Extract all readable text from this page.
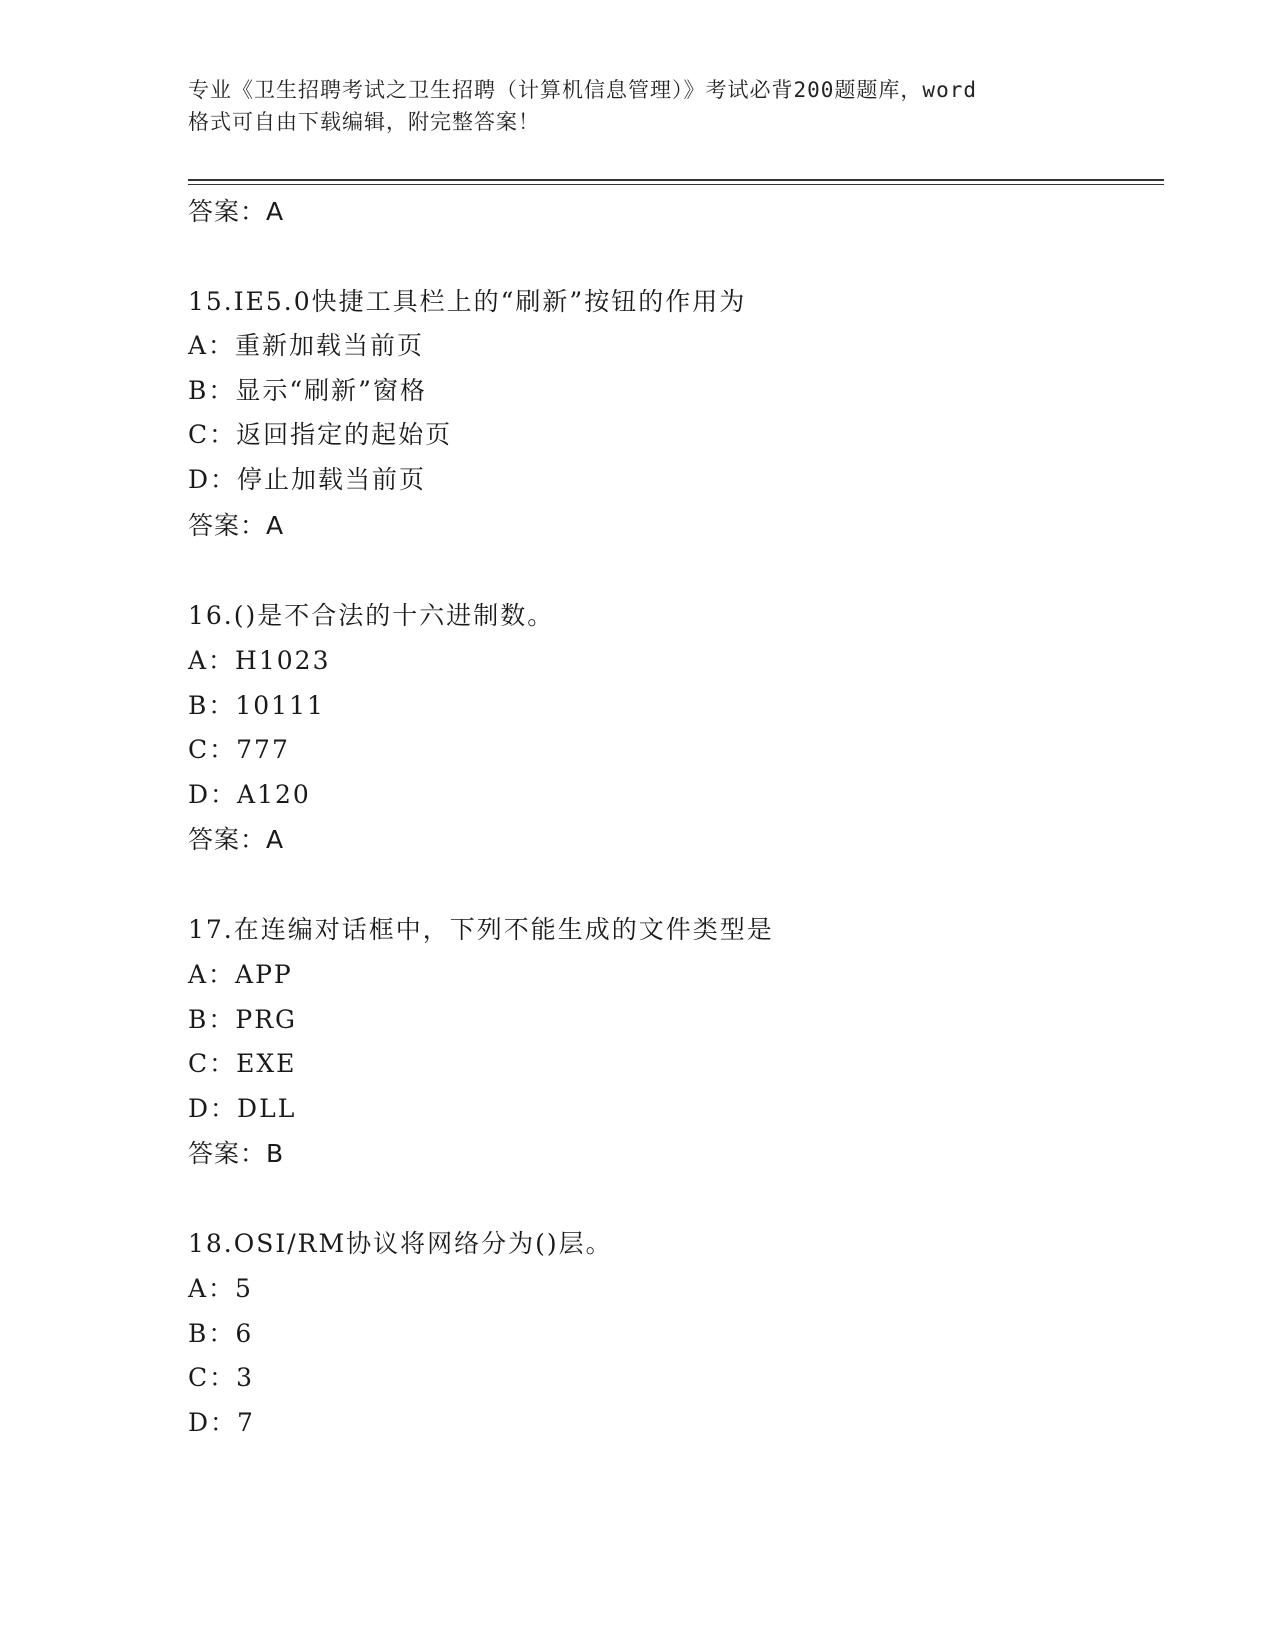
专业《卫生招聘考试之卫生招聘（计算机信息管理）》考试必背200题题库，word
格式可自由下载编辑，附完整答案！
答案：A
15.IE5.0快捷工具栏上的“刷新”按钮的作用为
A：重新加载当前页
B：显示“刷新”窗格
C：返回指定的起始页
D：停止加载当前页
答案：A
16.()是不合法的十六进制数。
A：H1023
B：10111
C：777
D：A120
答案：A
17.在连编对话框中，下列不能生成的文件类型是
A：APP
B：PRG
C：EXE
D：DLL
答案：B
18.OSI/RM协议将网络分为()层。
A：5
B：6
C：3
D：7
